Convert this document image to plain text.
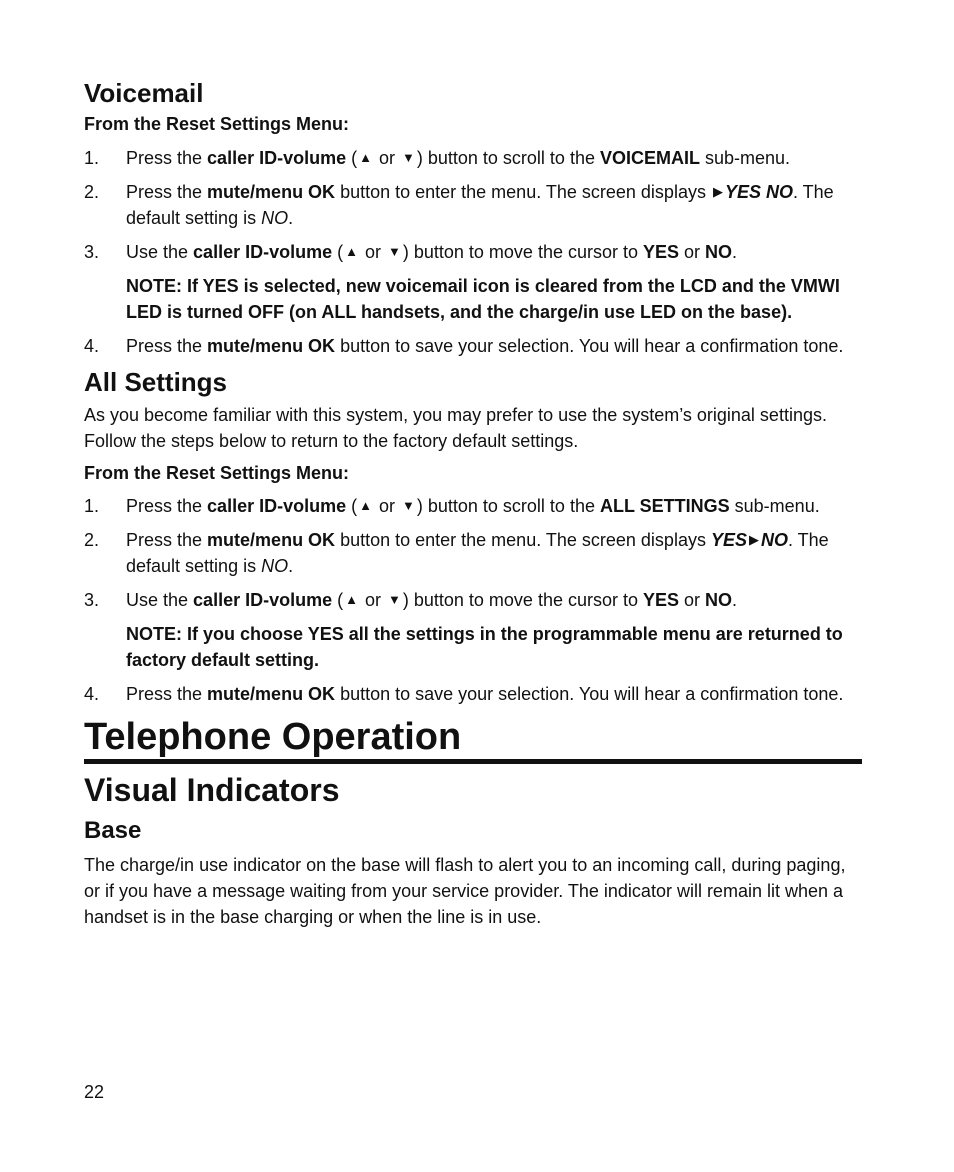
Voicemail
From the Reset Settings Menu:
1. Press the caller ID-volume ( ▲ or ▼ ) button to scroll to the VOICEMAIL sub-menu.
2. Press the mute/menu OK button to enter the menu. The screen displays ▶ YES NO. The default setting is NO.
3. Use the caller ID-volume ( ▲ or ▼ ) button to move the cursor to YES or NO.
NOTE: If YES is selected, new voicemail icon is cleared from the LCD and the VMWI LED is turned OFF (on ALL handsets, and the charge/in use LED on the base).
4. Press the mute/menu OK button to save your selection. You will hear a confirmation tone.
All Settings

As you become familiar with this system, you may prefer to use the system’s original settings. Follow the steps below to return to the factory default settings.

From the Reset Settings Menu:
1. Press the caller ID-volume ( ▲ or ▼ ) button to scroll to the ALL SETTINGS sub-menu.
2. Press the mute/menu OK button to enter the menu. The screen displays YES ▶ NO. The default setting is NO.
3. Use the caller ID-volume ( ▲ or ▼ ) button to move the cursor to YES or NO.
NOTE: If you choose YES all the settings in the programmable menu are returned to factory default setting.
4. Press the mute/menu OK button to save your selection. You will hear a confirmation tone.
Telephone Operation
Visual Indicators
Base

The charge/in use indicator on the base will flash to alert you to an incoming call, during paging, or if you have a message waiting from your service provider. The indicator will remain lit when a handset is in the base charging or when the line is in use.

22
